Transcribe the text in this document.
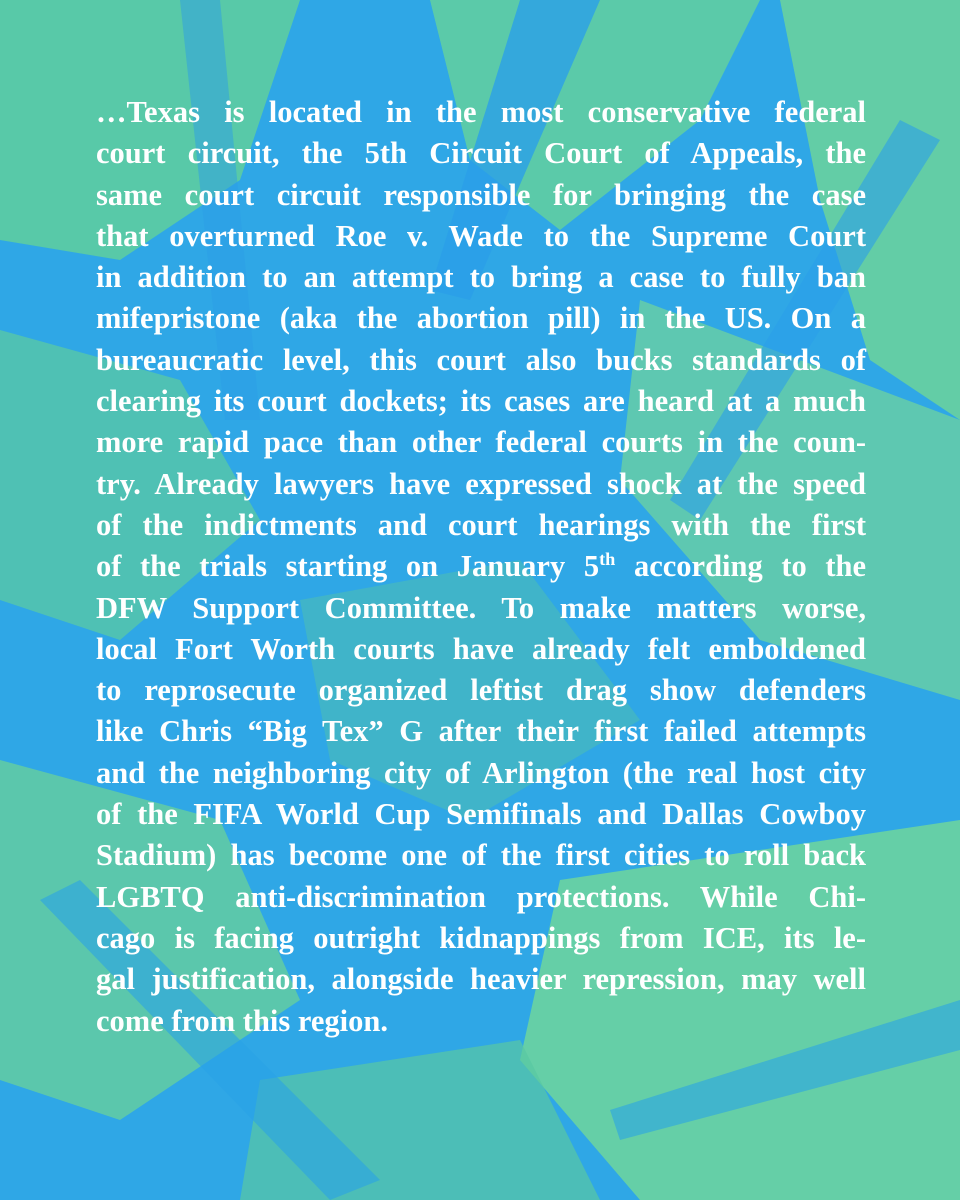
…Texas is located in the most conservative federal
court circuit, the 5th Circuit Court of Appeals, the
same court circuit responsible for bringing the case
that overturned Roe v. Wade to the Supreme Court
in addition to an attempt to bring a case to fully ban
mifepristone (aka the abortion pill) in the US. On a
bureaucratic level, this court also bucks standards of
clearing its court dockets; its cases are heard at a much
more rapid pace than other federal courts in the coun-
try. Already lawyers have expressed shock at the speed
of the indictments and court hearings with the first
of the trials starting on January 5th according to the
DFW Support Committee. To make matters worse,
local Fort Worth courts have already felt emboldened
to reprosecute organized leftist drag show defenders
like Chris “Big Tex” G after their first failed attempts
and the neighboring city of Arlington (the real host city
of the FIFA World Cup Semifinals and Dallas Cowboy
Stadium) has become one of the first cities to roll back
LGBTQ anti-discrimination protections. While Chi-
cago is facing outright kidnappings from ICE, its le-
gal justification, alongside heavier repression, may well
come from this region.
